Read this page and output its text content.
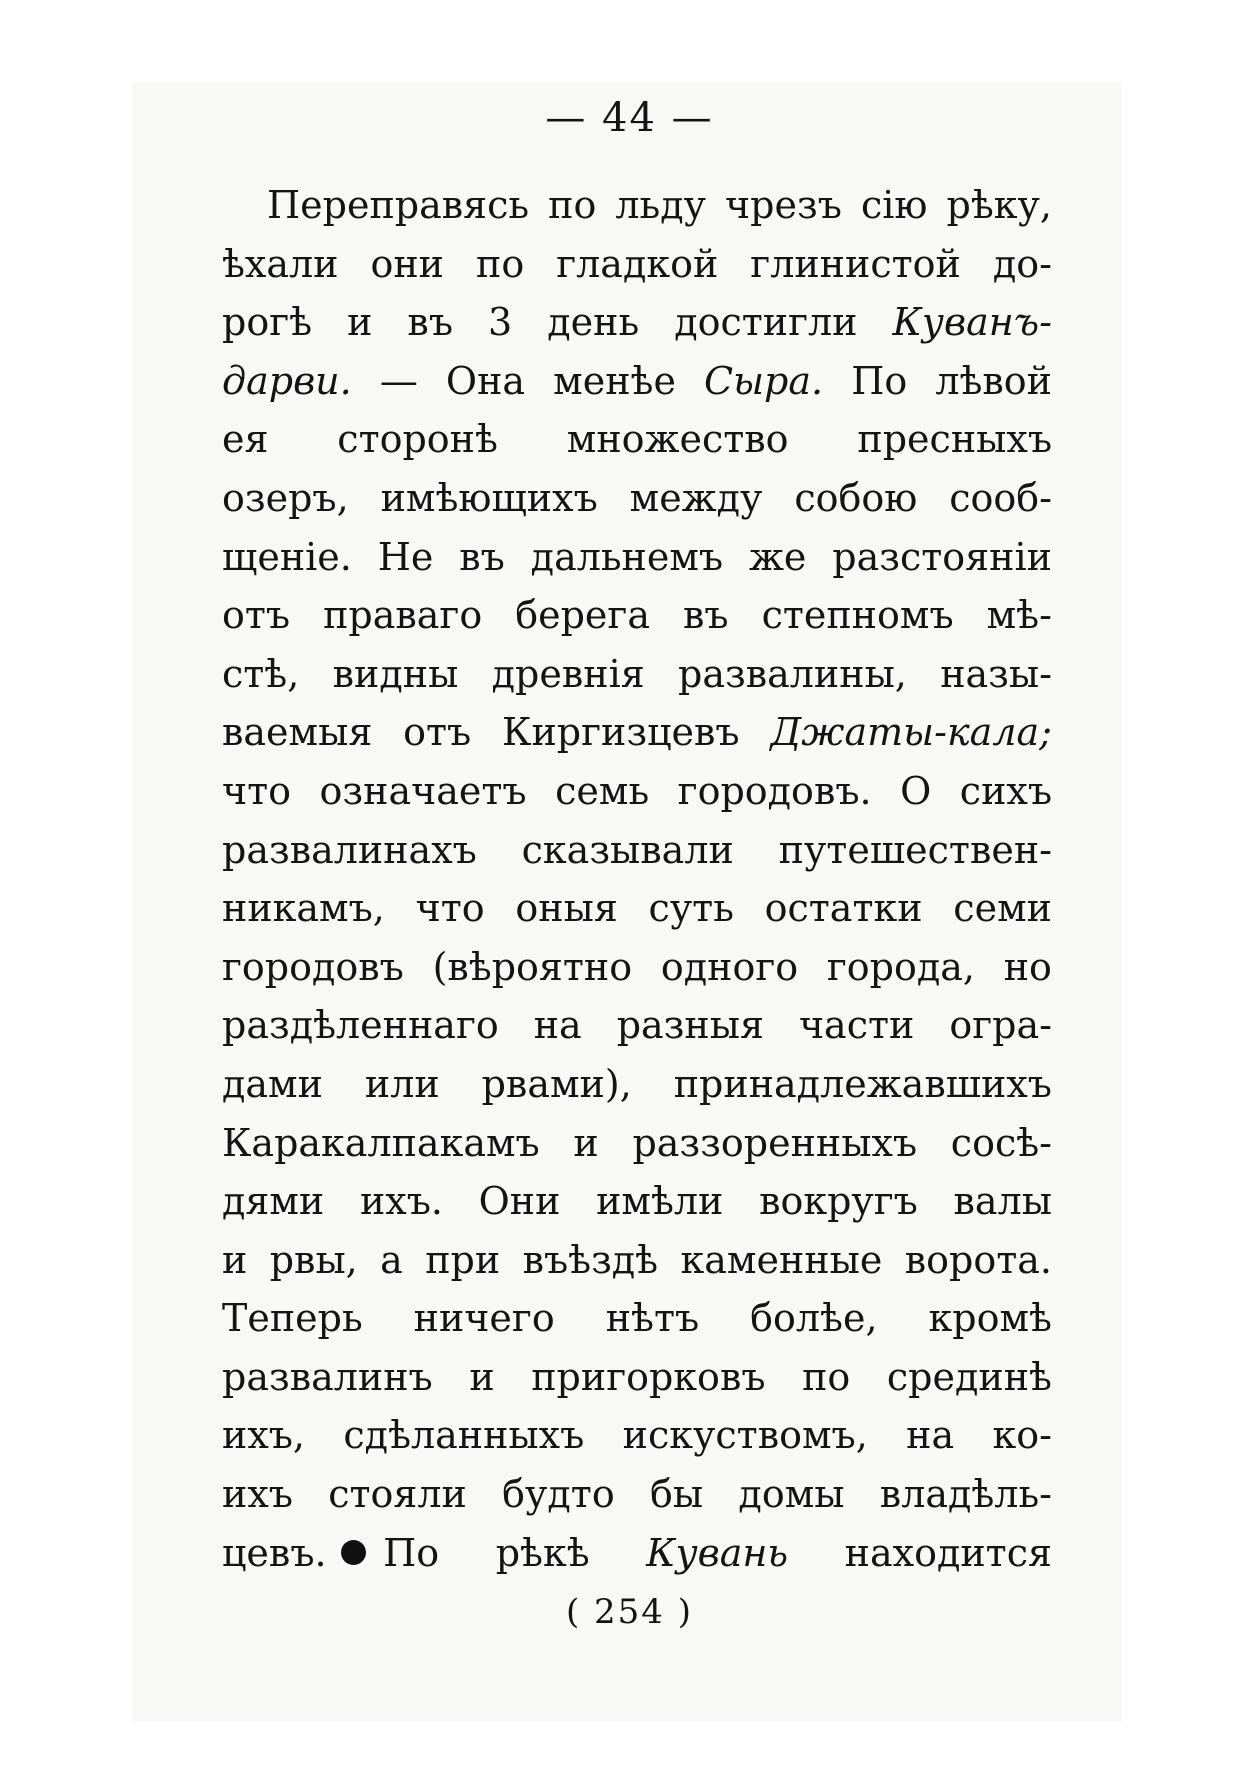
— 44 —
Переправясь по льду чрезъ сію рѣку,
ѣхали они по гладкой глинистой до-
рогѣ и въ 3 день достигли Куванъ-
дарви. — Она менѣе Сыра. По лѣвой
ея сторонѣ множество пресныхъ
озеръ, имѣющихъ между собою сооб-
щеніе. Не въ дальнемъ же разстояніи
отъ праваго берега въ степномъ мѣ-
стѣ, видны древнія развалины, назы-
ваемыя отъ Киргизцевъ Джаты-кала;
что означаетъ семь городовъ. О сихъ
развалинахъ сказывали путешествен-
никамъ, что оныя суть остатки семи
городовъ (вѣроятно одного города, но
раздѣленнаго на разныя части огра-
дами или рвами), принадлежавшихъ
Каракалпакамъ и раззоренныхъ сосѣ-
дями ихъ. Они имѣли вокругъ валы
и рвы, а при въѣздѣ каменные ворота.
Теперь ничего нѣтъ болѣе, кромѣ
развалинъ и пригорковъ по срединѣ
ихъ, сдѣланныхъ искуствомъ, на ко-
ихъ стояли будто бы домы владѣль-
цевъ. По рѣкѣ Кувань находится
( 254 )
